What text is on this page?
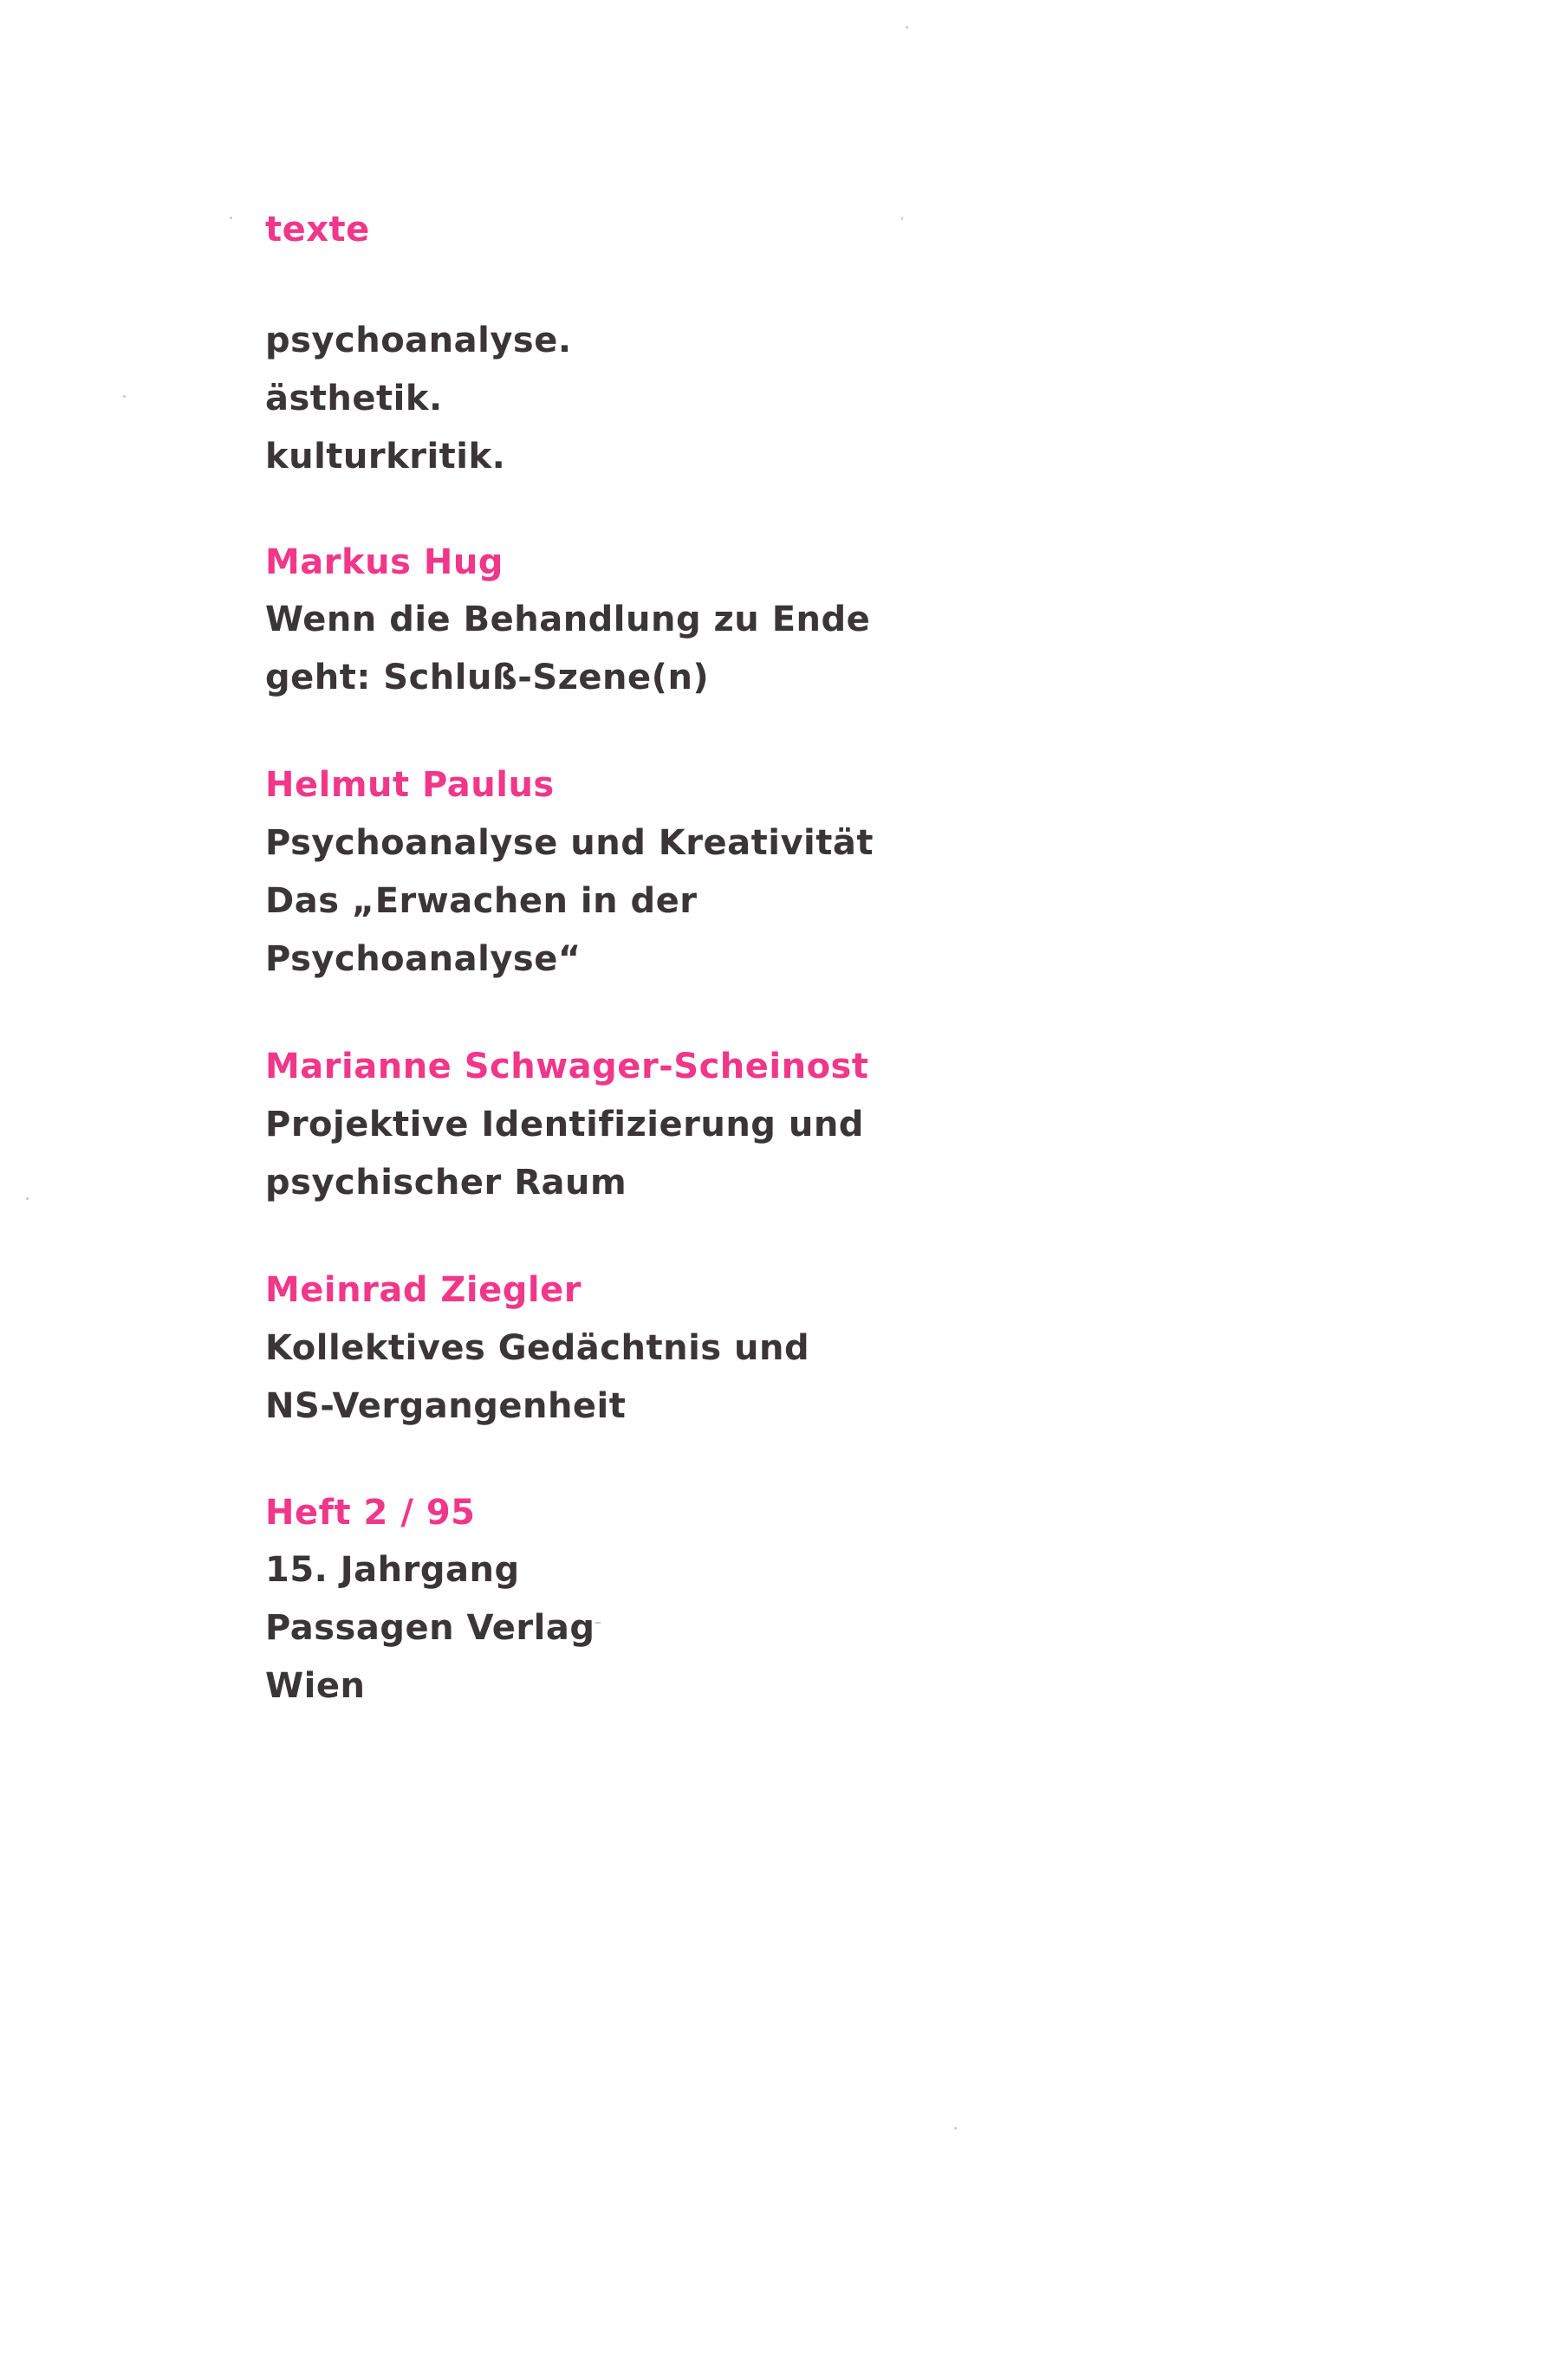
texte

psychoanalyse.

ästhetik.

kulturkritik.

Markus Hug

Wenn die Behandlung zu Ende

geht: Schluß-Szene(n)

Helmut Paulus

Psychoanalyse und Kreativität

Das „Erwachen in der

Psychoanalyse“

Marianne Schwager-Scheinost

Projektive Identifizierung und

psychischer Raum

Meinrad Ziegler

Kollektives Gedächtnis und

NS-Vergangenheit

Heft 2 / 95

15. Jahrgang

Passagen Verlag

Wien
